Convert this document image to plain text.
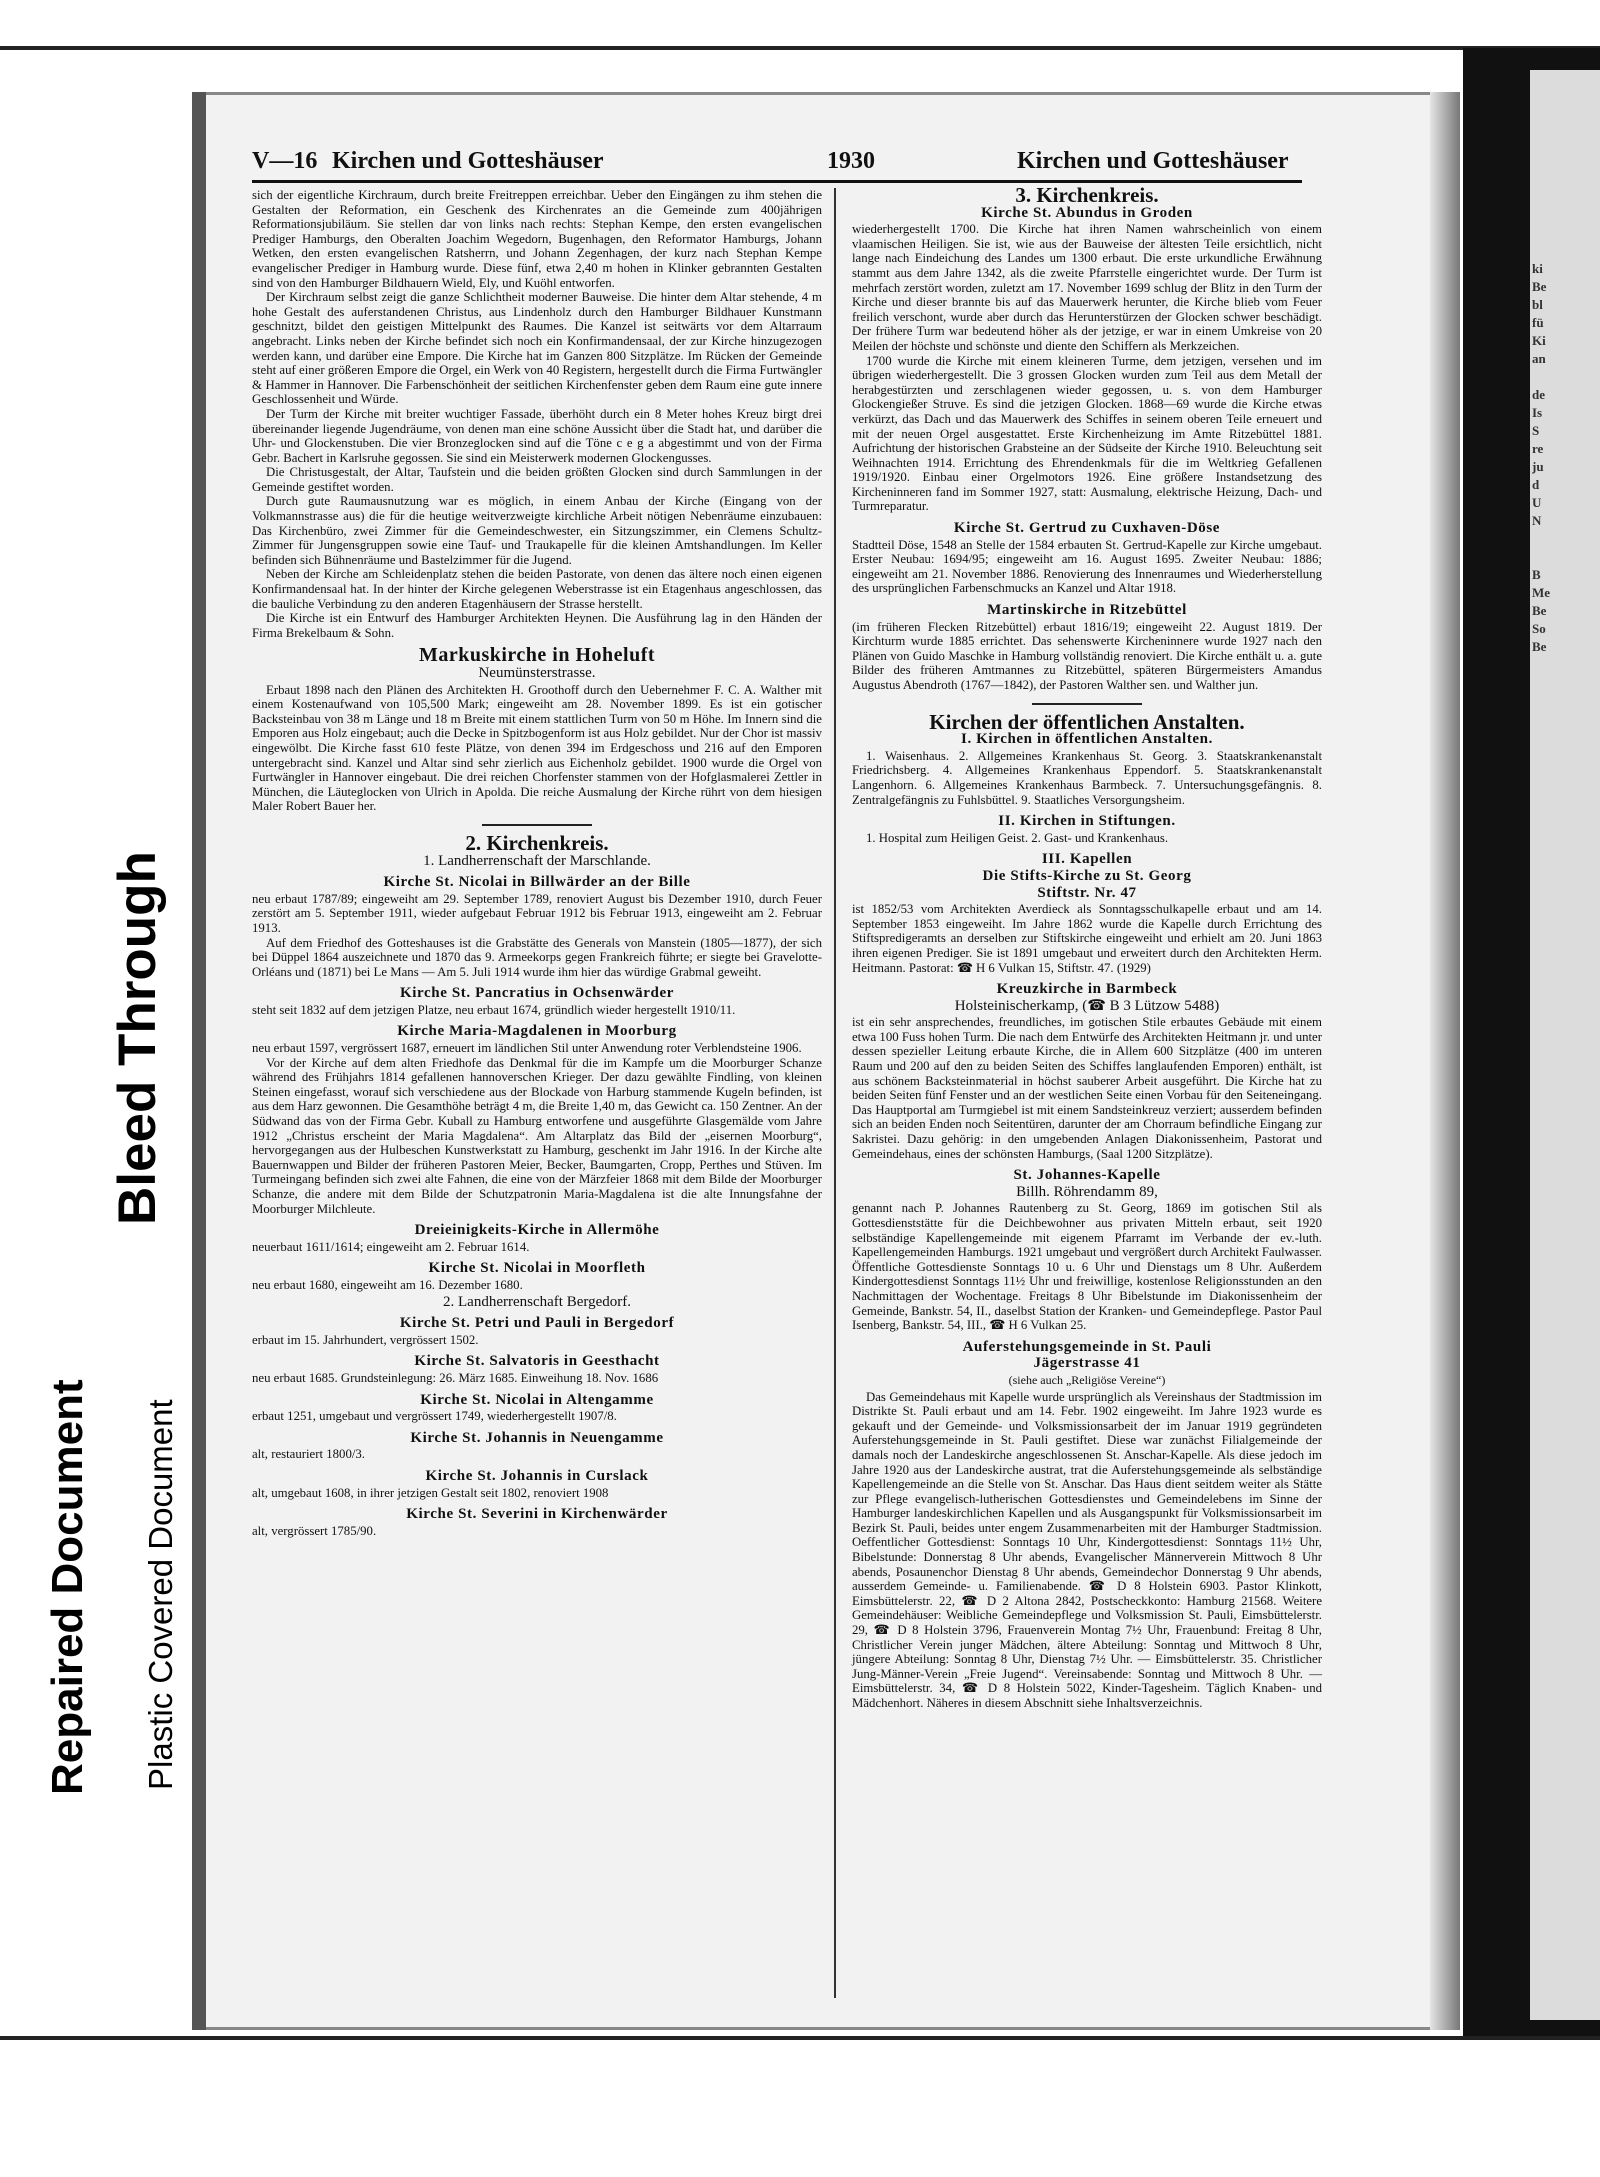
ki
Be
bl
fü
Ki
an

de
Is
S
re
ju
d
U
N

B
Me
Be
So
Be
V—16 Kirchen und Gotteshäuser	1930	Kirchen und Gotteshäuser

sich der eigentliche Kirchraum, durch breite Freitreppen erreichbar. Ueber den Eingängen zu ihm stehen die Gestalten der Reformation, ein Geschenk des Kirchenrates an die Gemeinde zum 400jährigen Reformationsjubiläum. Sie stellen dar von links nach rechts: Stephan Kempe, den ersten evangelischen Prediger Hamburgs, den Oberalten Joachim Wegedorn, Bugenhagen, den Reformator Hamburgs, Johann Wetken, den ersten evangelischen Ratsherrn, und Johann Zegenhagen, der kurz nach Stephan Kempe evangelischer Prediger in Hamburg wurde. Diese fünf, etwa 2,40 m hohen in Klinker gebrannten Gestalten sind von den Hamburger Bildhauern Wield, Ely, und Kuöhl entworfen.

Der Kirchraum selbst zeigt die ganze Schlichtheit moderner Bauweise. Die hinter dem Altar stehende, 4 m hohe Gestalt des auferstandenen Christus, aus Lindenholz durch den Hamburger Bildhauer Kunstmann geschnitzt, bildet den geistigen Mittelpunkt des Raumes. Die Kanzel ist seitwärts vor dem Altarraum angebracht. Links neben der Kirche befindet sich noch ein Konfirmandensaal, der zur Kirche hinzugezogen werden kann, und darüber eine Empore. Die Kirche hat im Ganzen 800 Sitzplätze. Im Rücken der Gemeinde steht auf einer größeren Empore die Orgel, ein Werk von 40 Registern, hergestellt durch die Firma Furtwängler & Hammer in Hannover. Die Farbenschönheit der seitlichen Kirchenfenster geben dem Raum eine gute innere Geschlossenheit und Würde.

Der Turm der Kirche mit breiter wuchtiger Fassade, überhöht durch ein 8 Meter hohes Kreuz birgt drei übereinander liegende Jugendräume, von denen man eine schöne Aussicht über die Stadt hat, und darüber die Uhr- und Glockenstuben. Die vier Bronzeglocken sind auf die Töne c e g a abgestimmt und von der Firma Gebr. Bachert in Karlsruhe gegossen. Sie sind ein Meisterwerk modernen Glockengusses.

Die Christusgestalt, der Altar, Taufstein und die beiden größten Glocken sind durch Sammlungen in der Gemeinde gestiftet worden.

Durch gute Raumausnutzung war es möglich, in einem Anbau der Kirche (Eingang von der Volkmannstrasse aus) die für die heutige weitverzweigte kirchliche Arbeit nötigen Nebenräume einzubauen: Das Kirchenbüro, zwei Zimmer für die Gemeindeschwester, ein Sitzungszimmer, ein Clemens Schultz-Zimmer für Jungensgruppen sowie eine Tauf- und Traukapelle für die kleinen Amtshandlungen. Im Keller befinden sich Bühnenräume und Bastelzimmer für die Jugend.

Neben der Kirche am Schleidenplatz stehen die beiden Pastorate, von denen das ältere noch einen eigenen Konfirmandensaal hat. In der hinter der Kirche gelegenen Weberstrasse ist ein Etagenhaus angeschlossen, das die bauliche Verbindung zu den anderen Etagenhäusern der Strasse herstellt.

Die Kirche ist ein Entwurf des Hamburger Architekten Heynen. Die Ausführung lag in den Händen der Firma Brekelbaum & Sohn.

Markuskirche in Hoheluft
Neumünsterstrasse.

Erbaut 1898 nach den Plänen des Architekten H. Groothoff durch den Uebernehmer F. C. A. Walther mit einem Kostenaufwand von 105,500 Mark; eingeweiht am 28. November 1899. Es ist ein gotischer Backsteinbau von 38 m Länge und 18 m Breite mit einem stattlichen Turm von 50 m Höhe. Im Innern sind die Emporen aus Holz eingebaut; auch die Decke in Spitzbogenform ist aus Holz gebildet. Nur der Chor ist massiv eingewölbt. Die Kirche fasst 610 feste Plätze, von denen 394 im Erdgeschoss und 216 auf den Emporen untergebracht sind. Kanzel und Altar sind sehr zierlich aus Eichenholz gebildet. 1900 wurde die Orgel von Furtwängler in Hannover eingebaut. Die drei reichen Chorfenster stammen von der Hofglasmalerei Zettler in München, die Läuteglocken von Ulrich in Apolda. Die reiche Ausmalung der Kirche rührt von dem hiesigen Maler Robert Bauer her.

2. Kirchenkreis.
1. Landherrenschaft der Marschlande.
Kirche St. Nicolai in Billwärder an der Bille

neu erbaut 1787/89; eingeweiht am 29. September 1789, renoviert August bis Dezember 1910, durch Feuer zerstört am 5. September 1911, wieder aufgebaut Februar 1912 bis Februar 1913, eingeweiht am 2. Februar 1913.

Auf dem Friedhof des Gotteshauses ist die Grabstätte des Generals von Manstein (1805—1877), der sich bei Düppel 1864 auszeichnete und 1870 das 9. Armeekorps gegen Frankreich führte; er siegte bei Gravelotte-Orléans und (1871) bei Le Mans — Am 5. Juli 1914 wurde ihm hier das würdige Grabmal geweiht.

Kirche St. Pancratius in Ochsenwärder

steht seit 1832 auf dem jetzigen Platze, neu erbaut 1674, gründlich wieder hergestellt 1910/11.

Kirche Maria-Magdalenen in Moorburg

neu erbaut 1597, vergrössert 1687, erneuert im ländlichen Stil unter Anwendung roter Verblendsteine 1906.

Vor der Kirche auf dem alten Friedhofe das Denkmal für die im Kampfe um die Moorburger Schanze während des Frühjahrs 1814 gefallenen hannoverschen Krieger. Der dazu gewählte Findling, von kleinen Steinen eingefasst, worauf sich verschiedene aus der Blockade von Harburg stammende Kugeln befinden, ist aus dem Harz gewonnen. Die Gesamthöhe beträgt 4 m, die Breite 1,40 m, das Gewicht ca. 150 Zentner. An der Südwand das von der Firma Gebr. Kuball zu Hamburg entworfene und ausgeführte Glasgemälde vom Jahre 1912 „Christus erscheint der Maria Magdalena“. Am Altarplatz das Bild der „eisernen Moorburg“, hervorgegangen aus der Hulbeschen Kunstwerkstatt zu Hamburg, geschenkt im Jahr 1916. In der Kirche alte Bauernwappen und Bilder der früheren Pastoren Meier, Becker, Baumgarten, Cropp, Perthes und Stüven. Im Turmeingang befinden sich zwei alte Fahnen, die eine von der Märzfeier 1868 mit dem Bilde der Moorburger Schanze, die andere mit dem Bilde der Schutzpatronin Maria-Magdalena ist die alte Innungsfahne der Moorburger Milchleute.

Dreieinigkeits-Kirche in Allermöhe

neuerbaut 1611/1614; eingeweiht am 2. Februar 1614.

Kirche St. Nicolai in Moorfleth

neu erbaut 1680, eingeweiht am 16. Dezember 1680.

2. Landherrenschaft Bergedorf.
Kirche St. Petri und Pauli in Bergedorf

erbaut im 15. Jahrhundert, vergrössert 1502.

Kirche St. Salvatoris in Geesthacht

neu erbaut 1685. Grundsteinlegung: 26. März 1685. Einweihung 18. Nov. 1686

Kirche St. Nicolai in Altengamme

erbaut 1251, umgebaut und vergrössert 1749, wiederhergestellt 1907/8.

Kirche St. Johannis in Neuengamme

alt, restauriert 1800/3.

Kirche St. Johannis in Curslack

alt, umgebaut 1608, in ihrer jetzigen Gestalt seit 1802, renoviert 1908

Kirche St. Severini in Kirchenwärder

alt, vergrössert 1785/90.

3. Kirchenkreis.
Kirche St. Abundus in Groden

wiederhergestellt 1700. Die Kirche hat ihren Namen wahrscheinlich von einem vlaamischen Heiligen. Sie ist, wie aus der Bauweise der ältesten Teile ersichtlich, nicht lange nach Eindeichung des Landes um 1300 erbaut. Die erste urkundliche Erwähnung stammt aus dem Jahre 1342, als die zweite Pfarrstelle eingerichtet wurde. Der Turm ist mehrfach zerstört worden, zuletzt am 17. November 1699 schlug der Blitz in den Turm der Kirche und dieser brannte bis auf das Mauerwerk herunter, die Kirche blieb vom Feuer freilich verschont, wurde aber durch das Herunterstürzen der Glocken schwer beschädigt. Der frühere Turm war bedeutend höher als der jetzige, er war in einem Umkreise von 20 Meilen der höchste und schönste und diente den Schiffern als Merkzeichen.

1700 wurde die Kirche mit einem kleineren Turme, dem jetzigen, versehen und im übrigen wiederhergestellt. Die 3 grossen Glocken wurden zum Teil aus dem Metall der herabgestürzten und zerschlagenen wieder gegossen, u. s. von dem Hamburger Glockengießer Struve. Es sind die jetzigen Glocken. 1868—69 wurde die Kirche etwas verkürzt, das Dach und das Mauerwerk des Schiffes in seinem oberen Teile erneuert und mit der neuen Orgel ausgestattet. Erste Kirchenheizung im Amte Ritzebüttel 1881. Aufrichtung der historischen Grabsteine an der Südseite der Kirche 1910. Beleuchtung seit Weihnachten 1914. Errichtung des Ehrendenkmals für die im Weltkrieg Gefallenen 1919/1920. Einbau einer Orgelmotors 1926. Eine größere Instandsetzung des Kircheninneren fand im Sommer 1927, statt: Ausmalung, elektrische Heizung, Dach- und Turmreparatur.

Kirche St. Gertrud zu Cuxhaven-Döse

Stadtteil Döse, 1548 an Stelle der 1584 erbauten St. Gertrud-Kapelle zur Kirche umgebaut. Erster Neubau: 1694/95; eingeweiht am 16. August 1695. Zweiter Neubau: 1886; eingeweiht am 21. November 1886. Renovierung des Innenraumes und Wiederherstellung des ursprünglichen Farbenschmucks an Kanzel und Altar 1918.

Martinskirche in Ritzebüttel

(im früheren Flecken Ritzebüttel) erbaut 1816/19; eingeweiht 22. August 1819. Der Kirchturm wurde 1885 errichtet. Das sehenswerte Kircheninnere wurde 1927 nach den Plänen von Guido Maschke in Hamburg vollständig renoviert. Die Kirche enthält u. a. gute Bilder des früheren Amtmannes zu Ritzebüttel, späteren Bürgermeisters Amandus Augustus Abendroth (1767—1842), der Pastoren Walther sen. und Walther jun.

Kirchen der öffentlichen Anstalten.
I. Kirchen in öffentlichen Anstalten.

1. Waisenhaus. 2. Allgemeines Krankenhaus St. Georg. 3. Staatskrankenanstalt Friedrichsberg. 4. Allgemeines Krankenhaus Eppendorf. 5. Staatskrankenanstalt Langenhorn. 6. Allgemeines Krankenhaus Barmbeck. 7. Untersuchungsgefängnis. 8. Zentralgefängnis zu Fuhlsbüttel. 9. Staatliches Versorgungsheim.

II. Kirchen in Stiftungen.

1. Hospital zum Heiligen Geist. 2. Gast- und Krankenhaus.

III. Kapellen
Die Stifts-Kirche zu St. Georg
Stiftstr. Nr. 47

ist 1852/53 vom Architekten Averdieck als Sonntagsschulkapelle erbaut und am 14. September 1853 eingeweiht. Im Jahre 1862 wurde die Kapelle durch Errichtung des Stiftspredigeramts an derselben zur Stiftskirche eingeweiht und erhielt am 20. Juni 1863 ihren eigenen Prediger. Sie ist 1891 umgebaut und erweitert durch den Architekten Herm. Heitmann. Pastorat: ☎ H 6 Vulkan 15, Stiftstr. 47. (1929)

Kreuzkirche in Barmbeck
Holsteinischerkamp, (☎ B 3 Lützow 5488)

ist ein sehr ansprechendes, freundliches, im gotischen Stile erbautes Gebäude mit einem etwa 100 Fuss hohen Turm. Die nach dem Entwürfe des Architekten Heitmann jr. und unter dessen spezieller Leitung erbaute Kirche, die in Allem 600 Sitzplätze (400 im unteren Raum und 200 auf den zu beiden Seiten des Schiffes langlaufenden Emporen) enthält, ist aus schönem Backsteinmaterial in höchst sauberer Arbeit ausgeführt. Die Kirche hat zu beiden Seiten fünf Fenster und an der westlichen Seite einen Vorbau für den Seiteneingang. Das Hauptportal am Turmgiebel ist mit einem Sandsteinkreuz verziert; ausserdem befinden sich an beiden Enden noch Seitentüren, darunter der am Chorraum befindliche Eingang zur Sakristei. Dazu gehörig: in den umgebenden Anlagen Diakonissenheim, Pastorat und Gemeindehaus, eines der schönsten Hamburgs, (Saal 1200 Sitzplätze).

St. Johannes-Kapelle
Billh. Röhrendamm 89,

genannt nach P. Johannes Rautenberg zu St. Georg, 1869 im gotischen Stil als Gottesdienststätte für die Deichbewohner aus privaten Mitteln erbaut, seit 1920 selbständige Kapellengemeinde mit eigenem Pfarramt im Verbande der ev.-luth. Kapellengemeinden Hamburgs. 1921 umgebaut und vergrößert durch Architekt Faulwasser. Öffentliche Gottesdienste Sonntags 10 u. 6 Uhr und Dienstags um 8 Uhr. Außerdem Kindergottesdienst Sonntags 11½ Uhr und freiwillige, kostenlose Religionsstunden an den Nachmittagen der Wochentage. Freitags 8 Uhr Bibelstunde im Diakonissenheim der Gemeinde, Bankstr. 54, II., daselbst Station der Kranken- und Gemeindepflege. Pastor Paul Isenberg, Bankstr. 54, III., ☎ H 6 Vulkan 25.

Auferstehungsgemeinde in St. Pauli
Jägerstrasse 41
(siehe auch „Religiöse Vereine“)

Das Gemeindehaus mit Kapelle wurde ursprünglich als Vereinshaus der Stadtmission im Distrikte St. Pauli erbaut und am 14. Febr. 1902 eingeweiht. Im Jahre 1923 wurde es gekauft und der Gemeinde- und Volksmissionsarbeit der im Januar 1919 gegründeten Auferstehungsgemeinde in St. Pauli gestiftet. Diese war zunächst Filialgemeinde der damals noch der Landeskirche angeschlossenen St. Anschar-Kapelle. Als diese jedoch im Jahre 1920 aus der Landeskirche austrat, trat die Auferstehungsgemeinde als selbständige Kapellengemeinde an die Stelle von St. Anschar. Das Haus dient seitdem weiter als Stätte zur Pflege evangelisch-lutherischen Gottesdienstes und Gemeindelebens im Sinne der Hamburger landeskirchlichen Kapellen und als Ausgangspunkt für Volksmissionsarbeit im Bezirk St. Pauli, beides unter engem Zusammenarbeiten mit der Hamburger Stadtmission. Oeffentlicher Gottesdienst: Sonntags 10 Uhr, Kindergottesdienst: Sonntags 11½ Uhr, Bibelstunde: Donnerstag 8 Uhr abends, Evangelischer Männerverein Mittwoch 8 Uhr abends, Posaunenchor Dienstag 8 Uhr abends, Gemeindechor Donnerstag 9 Uhr abends, ausserdem Gemeinde- u. Familienabende. ☎ D 8 Holstein 6903. Pastor Klinkott, Eimsbüttelerstr. 22, ☎ D 2 Altona 2842, Postscheckkonto: Hamburg 21568. Weitere Gemeindehäuser: Weibliche Gemeindepflege und Volksmission St. Pauli, Eimsbüttelerstr. 29, ☎ D 8 Holstein 3796, Frauenverein Montag 7½ Uhr, Frauenbund: Freitag 8 Uhr, Christlicher Verein junger Mädchen, ältere Abteilung: Sonntag und Mittwoch 8 Uhr, jüngere Abteilung: Sonntag 8 Uhr, Dienstag 7½ Uhr. — Eimsbüttelerstr. 35. Christlicher Jung-Männer-Verein „Freie Jugend“. Vereinsabende: Sonntag und Mittwoch 8 Uhr. — Eimsbüttelerstr. 34, ☎ D 8 Holstein 5022, Kinder-Tagesheim. Täglich Knaben- und Mädchenhort. Näheres in diesem Abschnitt siehe Inhaltsverzeichnis.

Bleed Through
Repaired Document Plastic Covered Document
